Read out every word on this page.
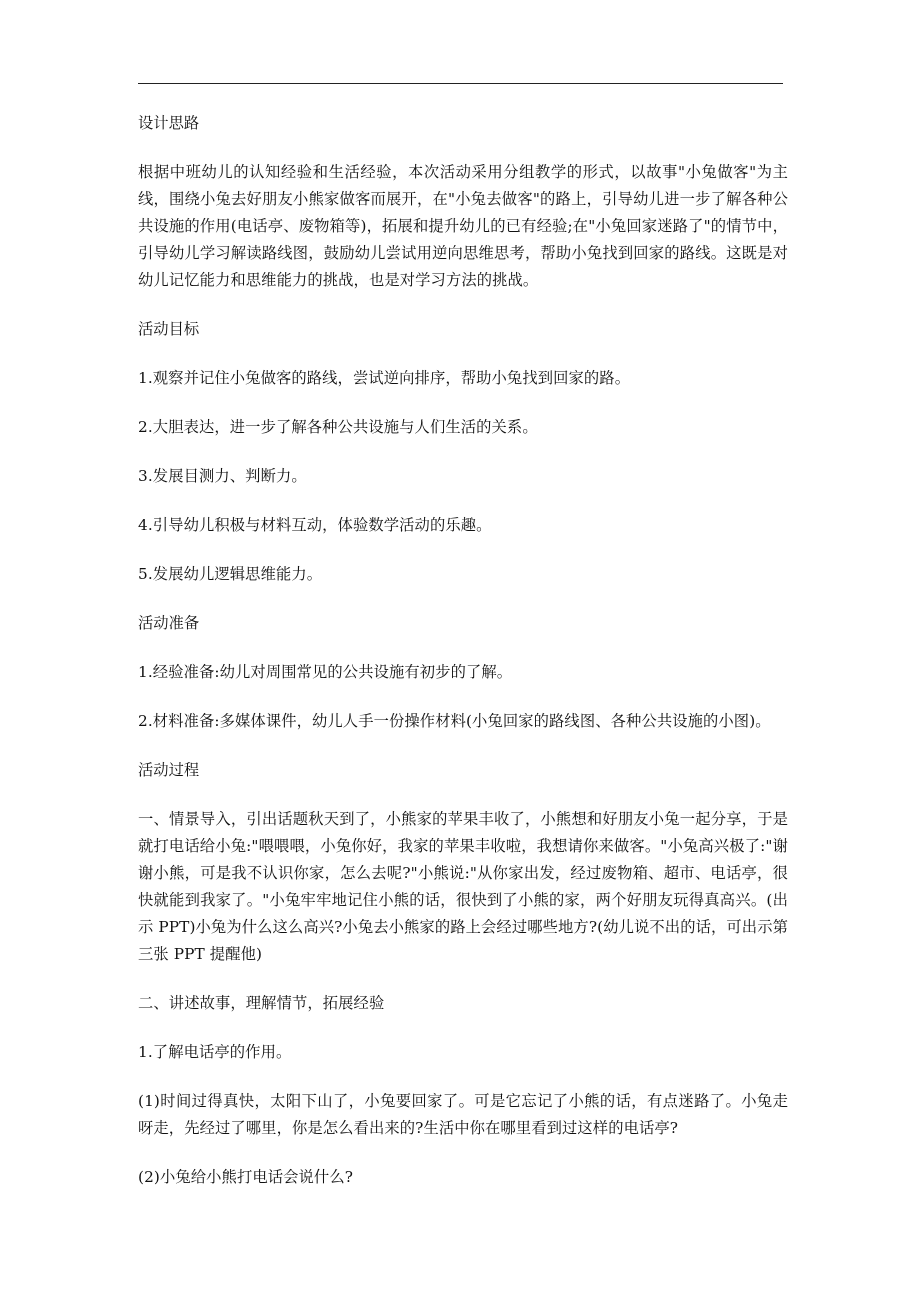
设计思路

根据中班幼儿的认知经验和生活经验，本次活动采用分组教学的形式，以故事"小兔做客"为主线，围绕小兔去好朋友小熊家做客而展开，在"小兔去做客"的路上，引导幼儿进一步了解各种公共设施的作用(电话亭、废物箱等)，拓展和提升幼儿的已有经验;在"小兔回家迷路了"的情节中，引导幼儿学习解读路线图，鼓励幼儿尝试用逆向思维思考，帮助小兔找到回家的路线。这既是对幼儿记忆能力和思维能力的挑战，也是对学习方法的挑战。

活动目标

1.观察并记住小兔做客的路线，尝试逆向排序，帮助小兔找到回家的路。

2.大胆表达，进一步了解各种公共设施与人们生活的关系。

3.发展目测力、判断力。

4.引导幼儿积极与材料互动，体验数学活动的乐趣。

5.发展幼儿逻辑思维能力。

活动准备

1.经验准备:幼儿对周围常见的公共设施有初步的了解。

2.材料准备:多媒体课件，幼儿人手一份操作材料(小兔回家的路线图、各种公共设施的小图)。

活动过程

一、情景导入，引出话题秋天到了，小熊家的苹果丰收了，小熊想和好朋友小兔一起分享，于是就打电话给小兔:"喂喂喂，小兔你好，我家的苹果丰收啦，我想请你来做客。"小兔高兴极了:"谢谢小熊，可是我不认识你家，怎么去呢?"小熊说:"从你家出发，经过废物箱、超市、电话亭，很快就能到我家了。"小兔牢牢地记住小熊的话，很快到了小熊的家，两个好朋友玩得真高兴。(出示 PPT)小兔为什么这么高兴?小兔去小熊家的路上会经过哪些地方?(幼儿说不出的话，可出示第三张 PPT 提醒他)

二、讲述故事，理解情节，拓展经验

1.了解电话亭的作用。

(1)时间过得真快，太阳下山了，小兔要回家了。可是它忘记了小熊的话，有点迷路了。小兔走呀走，先经过了哪里，你是怎么看出来的?生活中你在哪里看到过这样的电话亭?

(2)小兔给小熊打电话会说什么?
